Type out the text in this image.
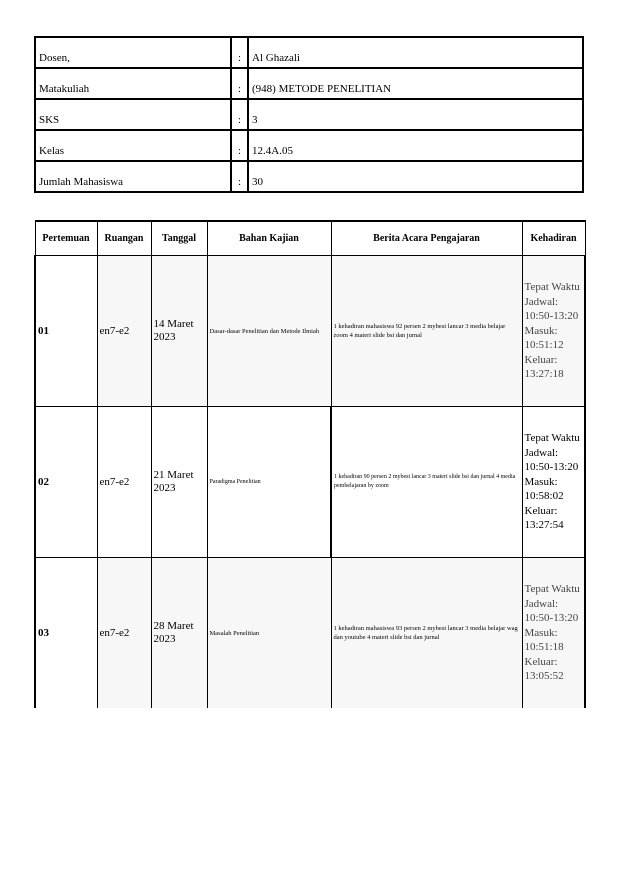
Dosen,	:	Al Ghazali
Matakuliah	:	(948) METODE PENELITIAN
SKS	:	3
Kelas	:	12.4A.05
Jumlah Mahasiswa	:	30
Pertemuan	Ruangan	Tanggal	Bahan Kajian	Berita Acara Pengajaran	Kehadiran
01	en7-e2	14 Maret 2023	Dasar-dasar Penelitian dan Metode Ilmiah	1 kehadiran mahasiswa 92 persen 2 mybest lancar 3 media belajar zoom 4 materi slide bsi dan jurnal	Tepat Waktu Jadwal: 10:50-13:20 Masuk: 10:51:12 Keluar: 13:27:18
02	en7-e2	21 Maret 2023	Paradigma Penelitian	1 kehadiran 90 persen 2 mybest lancar 3 materi slide bsi dan jurnal 4 media pembelajaran by zoom	Tepat Waktu Jadwal: 10:50-13:20 Masuk: 10:58:02 Keluar: 13:27:54
03	en7-e2	28 Maret 2023	Masalah Penelitian	1 kehadiran mahasiswa 93 persen 2 mybest lancar 3 media belajar wag dan youtube 4 materi slide bsi dan jurnal	Tepat Waktu Jadwal: 10:50-13:20 Masuk: 10:51:18 Keluar: 13:05:52
